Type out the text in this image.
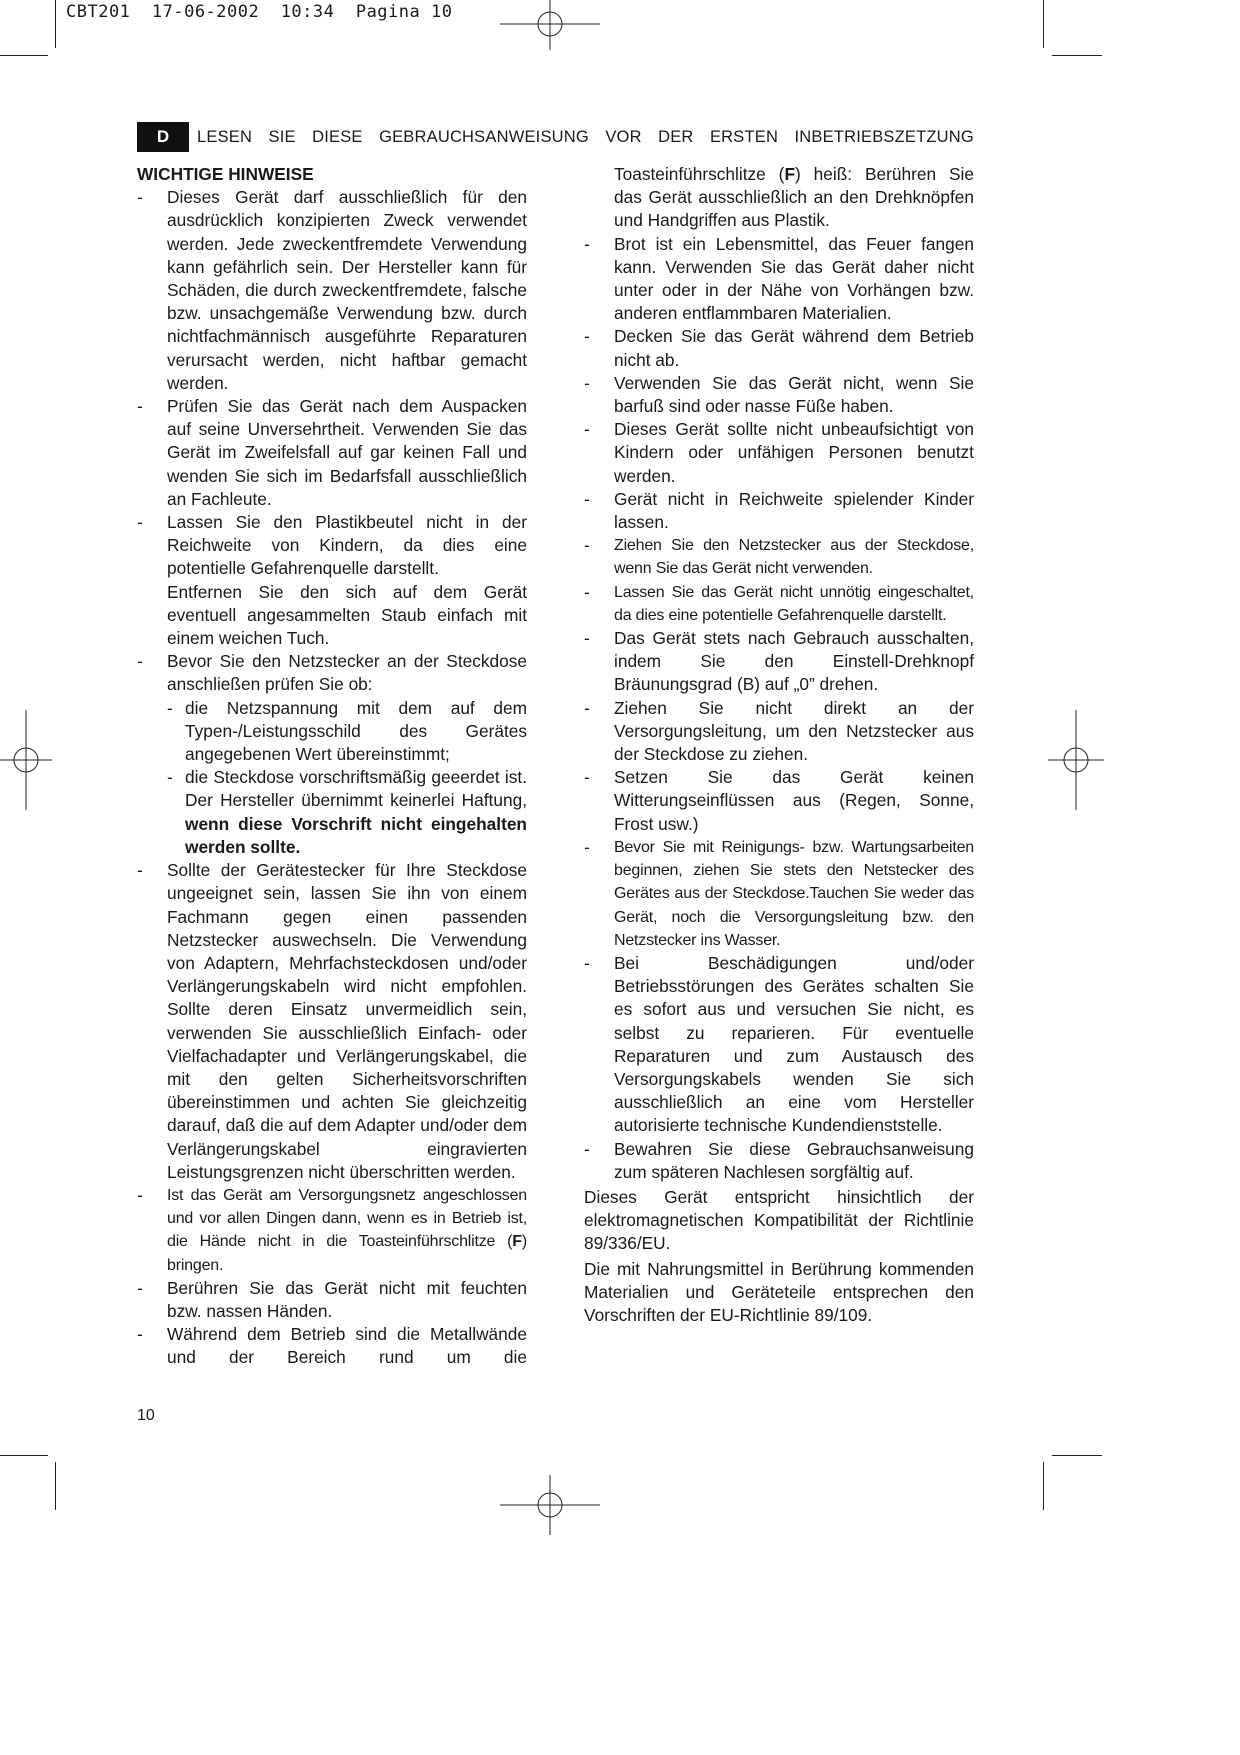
CBT201  17-06-2002  10:34  Pagina 10
D	LESEN SIE DIESE GEBRAUCHSANWEISUNG VOR DER ERSTEN INBETRIEBSZETZUNG
WICHTIGE HINWEISE
-	Dieses Gerät darf ausschließlich für den ausdrücklich konzipierten Zweck verwendet werden. Jede zweckentfremdete Verwendung kann gefährlich sein. Der Hersteller kann für Schäden, die durch zweckentfremdete, falsche bzw. unsachgemäße Verwendung bzw. durch nichtfachmännisch ausgeführte Reparaturen verursacht werden, nicht haftbar gemacht werden.
-	Prüfen Sie das Gerät nach dem Auspacken auf seine Unversehrtheit. Verwenden Sie das Gerät im Zweifelsfall auf gar keinen Fall und wenden Sie sich im Bedarfsfall ausschließlich an Fachleute.
-	Lassen Sie den Plastikbeutel nicht in der Reichweite von Kindern, da dies eine potentielle Gefahrenquelle darstellt.
Entfernen Sie den sich auf dem Gerät eventuell angesammelten Staub einfach mit einem weichen Tuch.
-	Bevor Sie den Netzstecker an der Steckdose anschließen prüfen Sie ob:
- die Netzspannung mit dem auf dem Typen-/Leistungsschild des Gerätes angegebenen Wert übereinstimmt;
- die Steckdose vorschriftsmäßig geeerdet ist. Der Hersteller übernimmt keinerlei Haftung, wenn diese Vorschrift nicht eingehalten werden sollte.
-	Sollte der Gerätestecker für Ihre Steckdose ungeeignet sein, lassen Sie ihn von einem Fachmann gegen einen passenden Netzstecker auswechseln. Die Verwendung von Adaptern, Mehrfachsteckdosen und/oder Verlängerungskabeln wird nicht empfohlen. Sollte deren Einsatz unvermeidlich sein, verwenden Sie ausschließlich Einfach- oder Vielfachadapter und Verlängerungskabel, die mit den gelten Sicherheitsvorschriften übereinstimmen und achten Sie gleichzeitig darauf, daß die auf dem Adapter und/oder dem Verlängerungskabel eingravierten Leistungsgrenzen nicht überschritten werden.
-	Ist das Gerät am Versorgungsnetz angeschlossen und vor allen Dingen dann, wenn es in Betrieb ist, die Hände nicht in die Toasteinführschlitze (F) bringen.
-	Berühren Sie das Gerät nicht mit feuchten bzw. nassen Händen.
-	Während dem Betrieb sind die Metallwände und der Bereich rund um die
Toasteinführschlitze (F) heiß: Berühren Sie das Gerät ausschließlich an den Drehknöpfen und Handgriffen aus Plastik.
-	Brot ist ein Lebensmittel, das Feuer fangen kann. Verwenden Sie das Gerät daher nicht unter oder in der Nähe von Vorhängen bzw. anderen entflammbaren Materialien.
-	Decken Sie das Gerät während dem Betrieb nicht ab.
-	Verwenden Sie das Gerät nicht, wenn Sie barfuß sind oder nasse Füße haben.
-	Dieses Gerät sollte nicht unbeaufsichtigt von Kindern oder unfähigen Personen benutzt werden.
-	Gerät nicht in Reichweite spielender Kinder lassen.
-	Ziehen Sie den Netzstecker aus der Steckdose, wenn Sie das Gerät nicht verwenden.
-	Lassen Sie das Gerät nicht unnötig eingeschaltet, da dies eine potentielle Gefahrenquelle darstellt.
-	Das Gerät stets nach Gebrauch ausschalten, indem Sie den Einstell-Drehknopf Bräunungsgrad (B) auf „0” drehen.
-	Ziehen Sie nicht direkt an der Versorgungsleitung, um den Netzstecker aus der Steckdose zu ziehen.
-	Setzen Sie das Gerät keinen Witterungseinflüssen aus (Regen, Sonne, Frost usw.)
-	Bevor Sie mit Reinigungs- bzw. Wartungsarbeiten beginnen, ziehen Sie stets den Netstecker des Gerätes aus der Steckdose.Tauchen Sie weder das Gerät, noch die Versorgungsleitung bzw. den Netzstecker ins Wasser.
-	Bei Beschädigungen und/oder Betriebsstörungen des Gerätes schalten Sie es sofort aus und versuchen Sie nicht, es selbst zu reparieren. Für eventuelle Reparaturen und zum Austausch des Versorgungskabels wenden Sie sich ausschließlich an eine vom Hersteller autorisierte technische Kundendienststelle.
-	Bewahren Sie diese Gebrauchsanweisung zum späteren Nachlesen sorgfältig auf.
Dieses Gerät entspricht hinsichtlich der elektromagnetischen Kompatibilität der Richtlinie 89/336/EU.
Die mit Nahrungsmittel in Berührung kommenden Materialien und Geräteteile entsprechen den Vorschriften der EU-Richtlinie 89/109.
10
